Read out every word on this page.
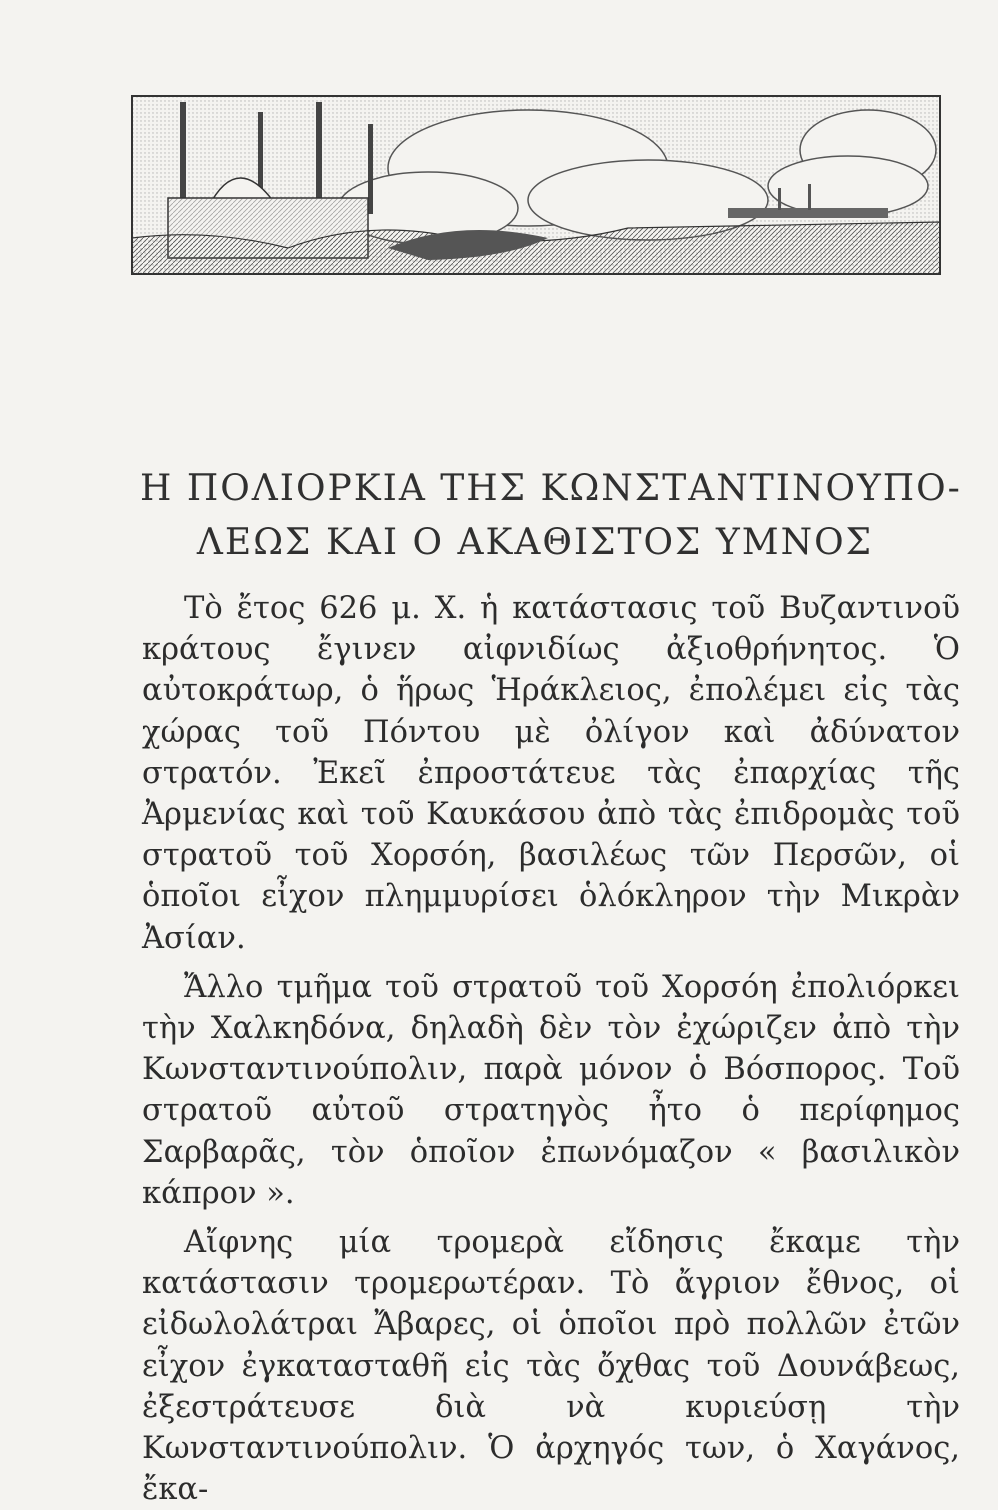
Η ΠΟΛΙΟΡΚΙΑ ΤΗΣ ΚΩΝΣΤΑΝΤΙΝΟΥΠΟ-
ΛΕΩΣ ΚΑΙ Ο ΑΚΑΘΙΣΤΟΣ ΥΜΝΟΣ

Τὸ ἔτος 626 μ. Χ. ἡ κατάστασις τοῦ Βυζαντινοῦ κράτους ἔγινεν αἰφνιδίως ἀξιοθρήνητος. Ὁ αὐτοκράτωρ, ὁ ἥρως Ἡράκλειος, ἐπολέμει εἰς τὰς χώρας τοῦ Πόντου μὲ ὀλίγον καὶ ἀδύνατον στρατόν. Ἐκεῖ ἐπροστάτευε τὰς ἐπαρχίας τῆς Ἀρμενίας καὶ τοῦ Καυκάσου ἀπὸ τὰς ἐπιδρομὰς τοῦ στρατοῦ τοῦ Χορσόη, βασιλέως τῶν Περσῶν, οἱ ὁποῖοι εἶχον πλημμυρίσει ὁλόκληρον τὴν Μικρὰν Ἀσίαν.

Ἄλλο τμῆμα τοῦ στρατοῦ τοῦ Χορσόη ἐπολιόρκει τὴν Χαλκηδόνα, δηλαδὴ δὲν τὸν ἐχώριζεν ἀπὸ τὴν Κωνσταντινούπολιν, παρὰ μόνον ὁ Βόσπορος. Τοῦ στρατοῦ αὐτοῦ στρατηγὸς ἦτο ὁ περίφημος Σαρβαρᾶς, τὸν ὁποῖον ἐπωνόμαζον « βασιλικὸν κάπρον ».

Αἴφνης μία τρομερὰ εἴδησις ἔκαμε τὴν κατάστασιν τρομερωτέραν. Τὸ ἄγριον ἔθνος, οἱ εἰδωλολάτραι Ἄβαρες, οἱ ὁποῖοι πρὸ πολλῶν ἐτῶν εἶχον ἐγκατασταθῆ εἰς τὰς ὄχθας τοῦ Δουνάβεως, ἐξεστράτευσε διὰ νὰ κυριεύσῃ τὴν Κωνσταντινούπολιν. Ὁ ἀρχηγός των, ὁ Χαγάνος, ἔκα-
